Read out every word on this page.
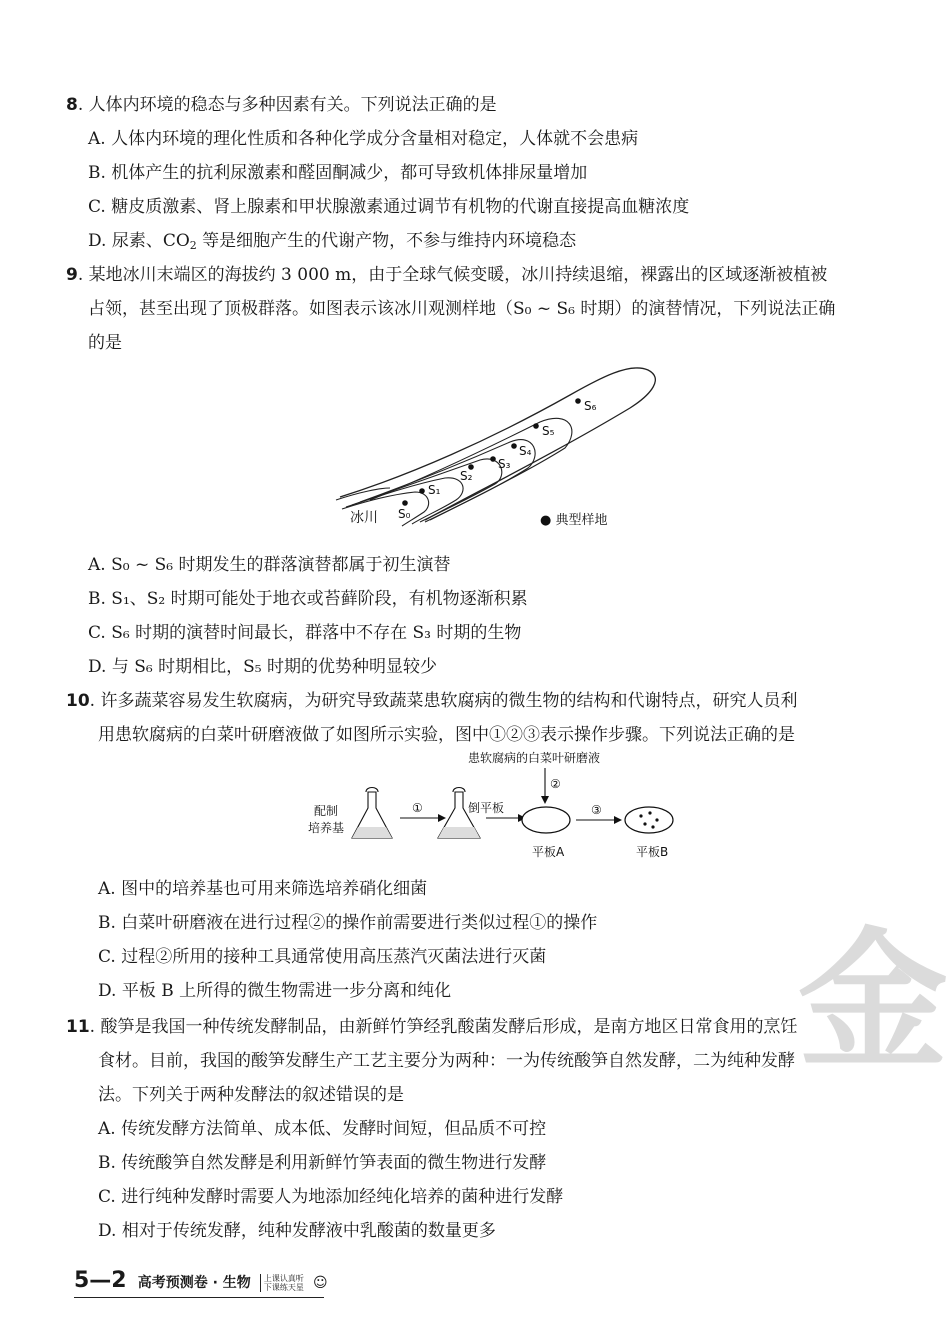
8. 人体内环境的稳态与多种因素有关。下列说法正确的是
A. 人体内环境的理化性质和各种化学成分含量相对稳定，人体就不会患病
B. 机体产生的抗利尿激素和醛固酮减少，都可导致机体排尿量增加
C. 糖皮质激素、肾上腺素和甲状腺激素通过调节有机物的代谢直接提高血糖浓度
D. 尿素、$CO_2$ 等是细胞产生的代谢产物，不参与维持内环境稳态
9. 某地冰川末端区的海拔约 3 000 m，由于全球气候变暖，冰川持续退缩，裸露出的区域逐渐被植被
占领，甚至出现了顶极群落。如图表示该冰川观测样地（S₀ ~ S₆ 时期）的演替情况，下列说法正确
的是
冰川 S₀
S₁
S₂
S₃
S₄
S₅
S₆
● 典型样地
A. S₀ ~ S₆ 时期发生的群落演替都属于初生演替
B. S₁、S₂ 时期可能处于地衣或苔藓阶段，有机物逐渐积累
C. S₆ 时期的演替时间最长，群落中不存在 S₃ 时期的生物
D. 与 S₆ 时期相比，S₅ 时期的优势种明显较少
10. 许多蔬菜容易发生软腐病，为研究导致蔬菜患软腐病的微生物的结构和代谢特点，研究人员利
用患软腐病的白菜叶研磨液做了如图所示实验，图中①②③表示操作步骤。下列说法正确的是
患软腐病的白菜叶研磨液
②
配制
培养基
①	倒平板
平板A
③
平板B
A. 图中的培养基也可用来筛选培养硝化细菌
B. 白菜叶研磨液在进行过程②的操作前需要进行类似过程①的操作
C. 过程②所用的接种工具通常使用高压蒸汽灭菌法进行灭菌
D. 平板 B 上所得的微生物需进一步分离和纯化 金
11. 酸笋是我国一种传统发酵制品，由新鲜竹笋经乳酸菌发酵后形成，是南方地区日常食用的烹饪
食材。目前，我国的酸笋发酵生产工艺主要分为两种：一为传统酸笋自然发酵，二为纯种发酵
法。下列关于两种发酵法的叙述错误的是
A. 传统发酵方法简单、成本低、发酵时间短，但品质不可控
B. 传统酸笋自然发酵是利用新鲜竹笋表面的微生物进行发酵
C. 进行纯种发酵时需要人为地添加经纯化培养的菌种进行发酵
D. 相对于传统发酵，纯种发酵液中乳酸菌的数量更多
5—2 高考预测卷 · 生物 上课认真听
下课练天星 ☺
